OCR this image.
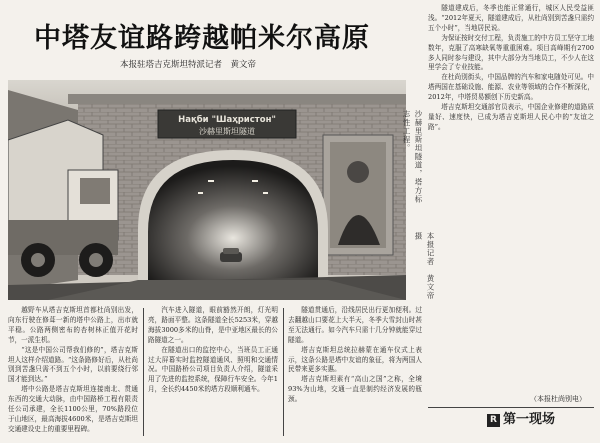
中塔友谊路跨越帕米尔高原
本报驻塔吉克斯坦特派记者　黄文帝
Нақби "Шаҳристон"
沙赫里斯坦隧道	沙赫里斯坦隧道，塔方标志性工程。
本报记者　黄文帝摄

隧道建成后，冬季也能正常通行，城区人民受益匪浅。“2012年夏天，隧道建成后，从杜尚别到苦盏只需约五个小时”，当地居民说。

为保证按时交付工程，负责施工的中方员工坚守工地数年，克服了高寒缺氧等重重困难。项目高峰期有2700多人同时参与建设，其中大部分为当地员工，不少人在这里学会了专业技能。

在杜尚别街头，中国品牌的汽车和家电随处可见。中塔两国在基础设施、能源、农业等领域的合作不断深化，2012年，中塔贸易额创下历史新高。

塔吉克斯坦交通部官员表示，中国企业修建的道路质量好、速度快，已成为塔吉克斯坦人民心中的“友谊之路”。

越野车从塔吉克斯坦首都杜尚别出发，向东行驶在修葺一新的塔中公路上，出市就平稳。公路两侧密布的杏树林正值开花时节，一派生机。

“这是中国公司帮我们修的”，塔吉克斯坦人这样介绍道路。“这条路修好后，从杜尚别到苦盏只需不到五个小时，以前要绕行邻国才能到达。”

塔中公路是塔吉克斯坦连接南北、贯通东西的交通大动脉，由中国路桥工程有限责任公司承建，全长1100公里，70%路段位于山地区，最高海拔4600米，是塔吉克斯坦交通建设史上的重要里程碑。

汽车进入隧道，眼前豁然开朗，灯光明亮，路面平整。这条隧道全长5253米，穿越海拔3000多米的山脊，是中亚地区最长的公路隧道之一。

在隧道出口的监控中心，当班员工正通过大屏幕实时监控隧道通风、照明和交通情况。中国路桥公司项目负责人介绍，隧道采用了先进的监控系统，保障行车安全。今年1月，全长约4450米的塔方段顺利通车。

隧道贯通后，沿线居民出行更加便利。过去翻越山口要花上大半天，冬季大雪封山时甚至无法通行。如今汽车只需十几分钟就能穿过隧道。

塔吉克斯坦总统拉赫蒙在通车仪式上表示，这条公路是塔中友谊的象征，将为两国人民带来更多实惠。

塔吉克斯坦素有“高山之国”之称，全境93%为山地，交通一直是制约经济发展的瓶颈。	（本报杜尚别电）
R 第一现场
